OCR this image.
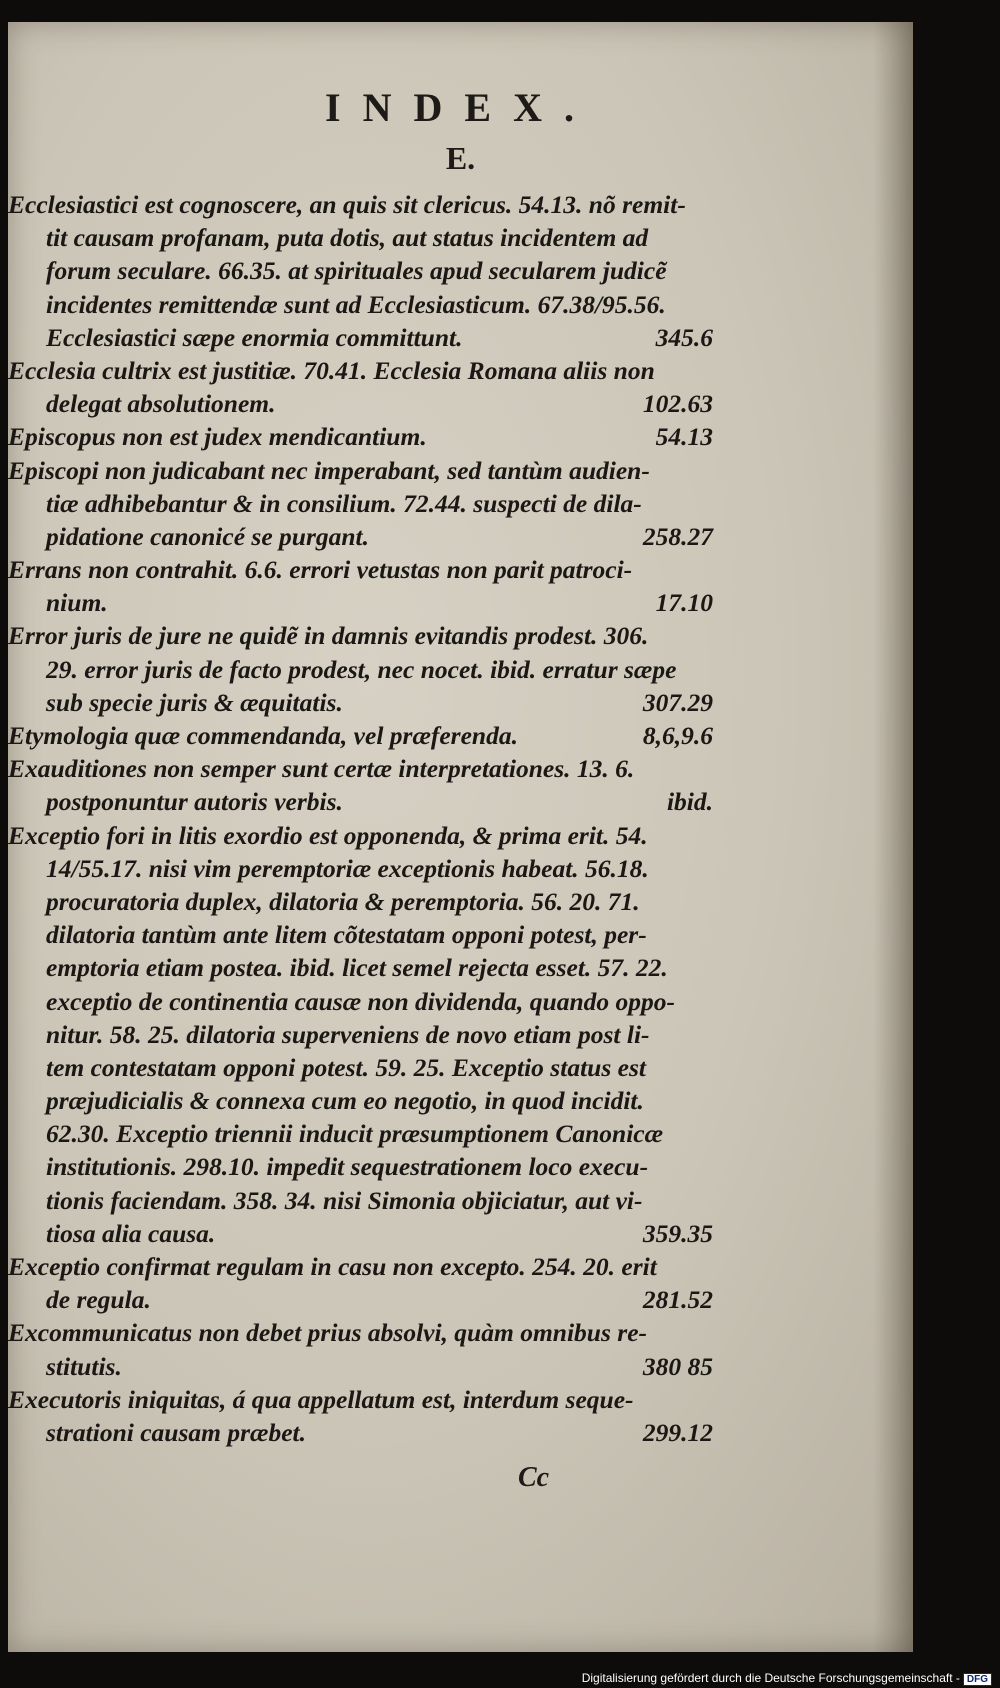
INDEX.
E.
Ecclesiastici est cognoscere, an quis sit clericus. 54.13. nõ remit-
tit causam profanam, puta dotis, aut status incidentem ad
forum seculare. 66.35. at spirituales apud secularem judicẽ
incidentes remittendæ sunt ad Ecclesiasticum. 67.38/95.56.
Ecclesiastici sæpe enormia committunt.	345.6
Ecclesia cultrix est justitiæ. 70.41. Ecclesia Romana aliis non
delegat absolutionem.	102.63
Episcopus non est judex mendicantium.	54.13
Episcopi non judicabant nec imperabant, sed tantùm audien-
tiæ adhibebantur & in consilium. 72.44. suspecti de dila-
pidatione canonicé se purgant.	258.27
Errans non contrahit. 6.6. errori vetustas non parit patroci-
nium.	17.10
Error juris de jure ne quidẽ in damnis evitandis prodest. 306.
29. error juris de facto prodest, nec nocet. ibid. erratur sæpe
sub specie juris & æquitatis.	307.29
Etymologia quæ commendanda, vel præferenda.	8,6,9.6
Exauditiones non semper sunt certæ interpretationes. 13. 6.
postponuntur autoris verbis.	ibid.
Exceptio fori in litis exordio est opponenda, & prima erit. 54.
14/55.17. nisi vim peremptoriæ exceptionis habeat. 56.18.
procuratoria duplex, dilatoria & peremptoria. 56. 20. 71.
dilatoria tantùm ante litem cõtestatam opponi potest, per-
emptoria etiam postea. ibid. licet semel rejecta esset. 57. 22.
exceptio de continentia causæ non dividenda, quando oppo-
nitur. 58. 25. dilatoria superveniens de novo etiam post li-
tem contestatam opponi potest. 59. 25. Exceptio status est
præjudicialis & connexa cum eo negotio, in quod incidit.
62.30. Exceptio triennii inducit præsumptionem Canonicæ
institutionis. 298.10. impedit sequestrationem loco execu-
tionis faciendam. 358. 34. nisi Simonia objiciatur, aut vi-
tiosa alia causa.	359.35
Exceptio confirmat regulam in casu non excepto. 254. 20. erit
de regula.	281.52
Excommunicatus non debet prius absolvi, quàm omnibus re-
stitutis.	380 85
Executoris iniquitas, á qua appellatum est, interdum seque-
strationi causam præbet.	299.12
Cc
Digitalisierung gefördert durch die Deutsche Forschungsgemeinschaft - DFG
